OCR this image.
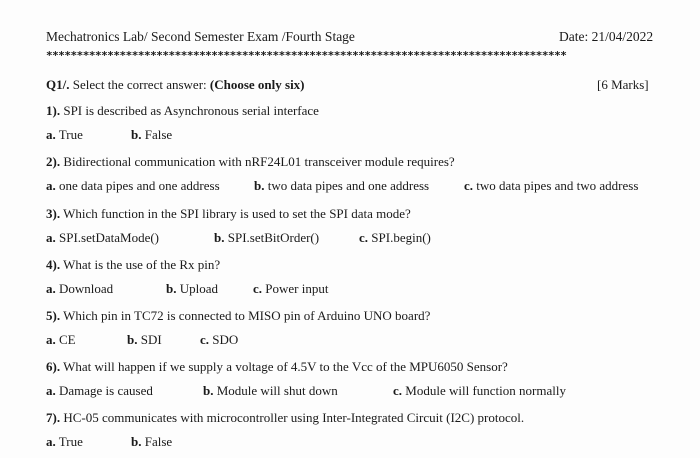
Mechatronics Lab/ Second Semester Exam /Fourth Stage	Date: 21/04/2022
*************************************************************************************
Q1/. Select the correct answer: (Choose only six)	[6 Marks]
1). SPI is described as Asynchronous serial interface
a. True	b. False
2). Bidirectional communication with nRF24L01 transceiver module requires?
a. one data pipes and one address	b. two data pipes and one address	c. two data pipes and two address
3). Which function in the SPI library is used to set the SPI data mode?
a. SPI.setDataMode()	b. SPI.setBitOrder()	c. SPI.begin()
4). What is the use of the Rx pin?
a. Download	b. Upload	c. Power input
5). Which pin in TC72 is connected to MISO pin of Arduino UNO board?
a. CE	b. SDI	c. SDO
6). What will happen if we supply a voltage of 4.5V to the Vcc of the MPU6050 Sensor?
a. Damage is caused	b. Module will shut down	c. Module will function normally
7). HC-05 communicates with microcontroller using Inter-Integrated Circuit (I2C) protocol.
a. True	b. False
